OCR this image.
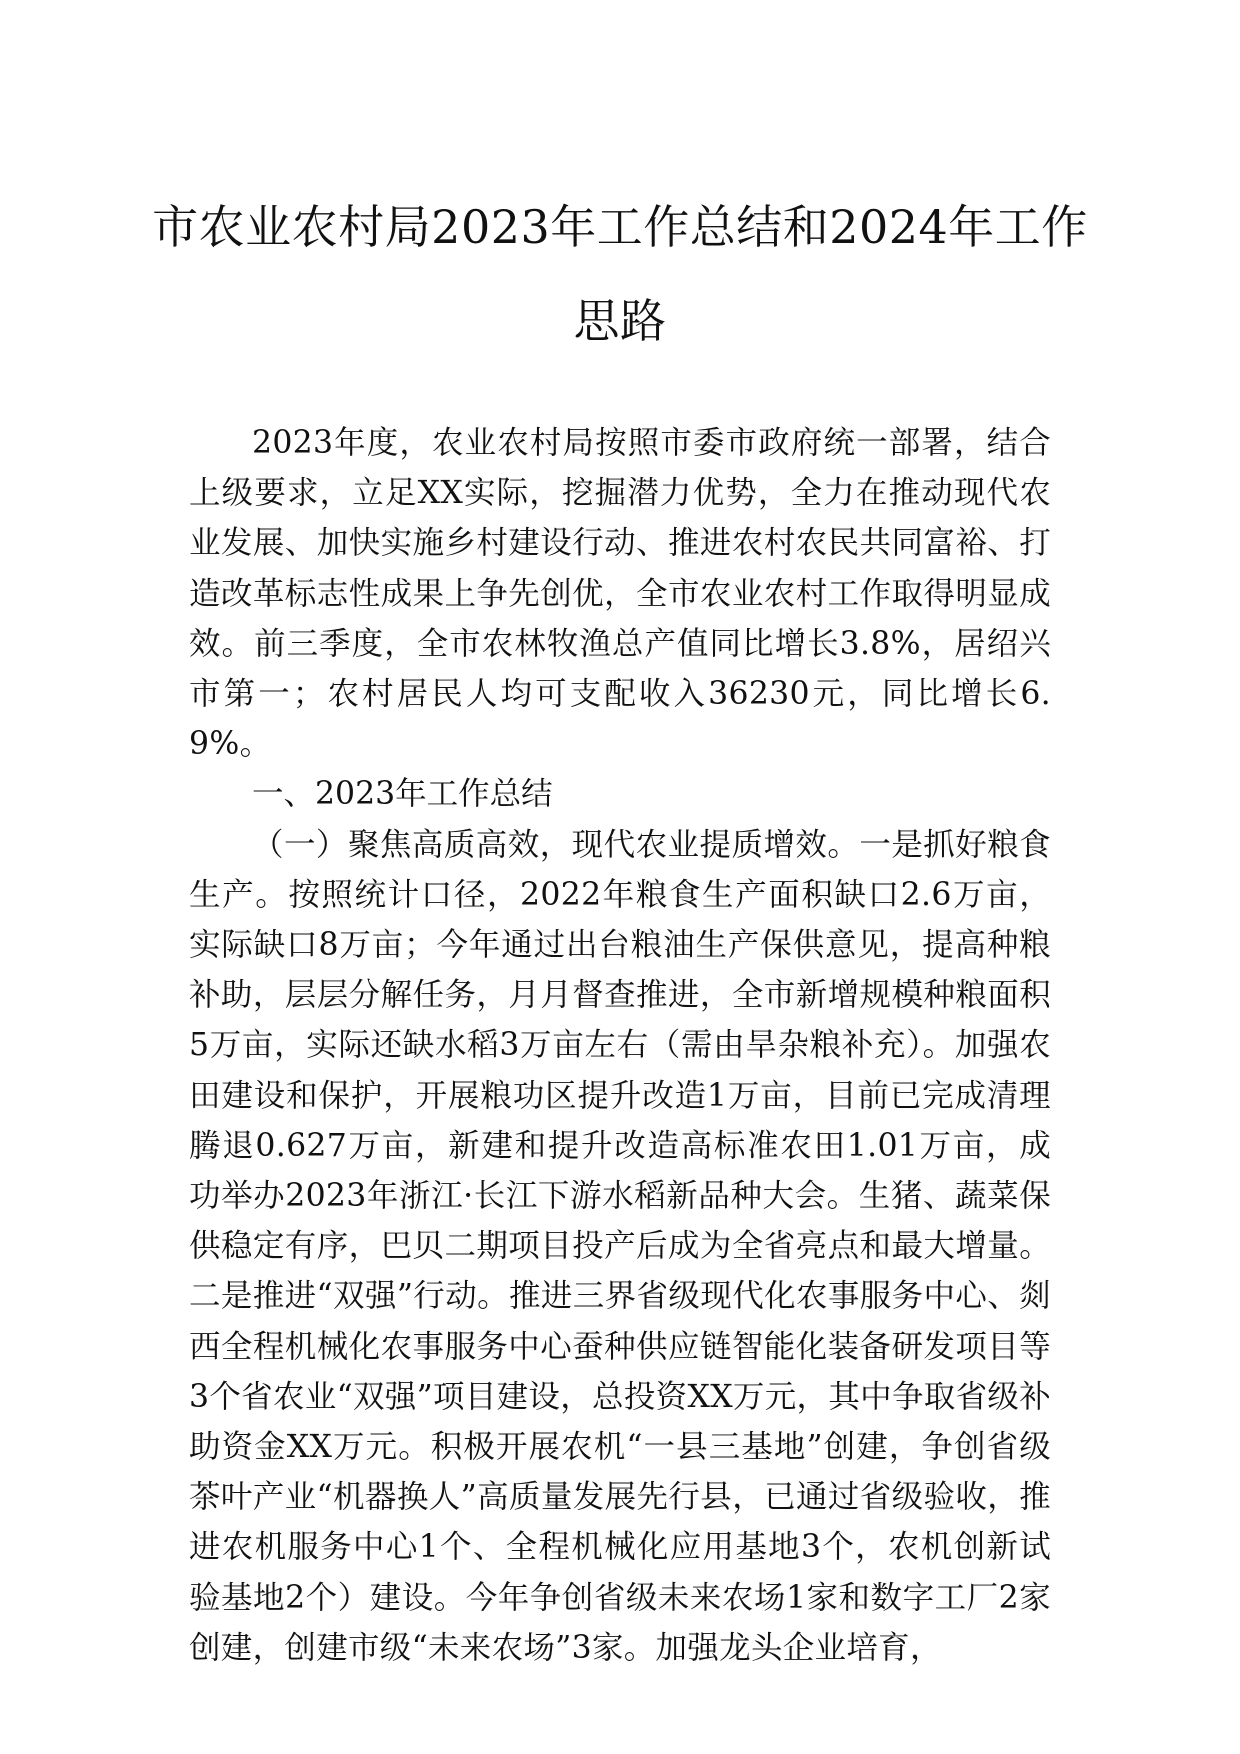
市农业农村局2023年工作总结和2024年工作思路

2023年度，农业农村局按照市委市政府统一部署，结合上级要求，立足XX实际，挖掘潜力优势，全力在推动现代农业发展、加快实施乡村建设行动、推进农村农民共同富裕、打造改革标志性成果上争先创优，全市农业农村工作取得明显成效。前三季度，全市农林牧渔总产值同比增长3.8%，居绍兴市第一；农村居民人均可支配收入36230元，同比增长6.9%。

一、2023年工作总结

（一）聚焦高质高效，现代农业提质增效。一是抓好粮食生产。按照统计口径，2022年粮食生产面积缺口2.6万亩，实际缺口8万亩；今年通过出台粮油生产保供意见，提高种粮补助，层层分解任务，月月督查推进，全市新增规模种粮面积5万亩，实际还缺水稻3万亩左右（需由旱杂粮补充）。加强农田建设和保护，开展粮功区提升改造1万亩，目前已完成清理腾退0.627万亩，新建和提升改造高标准农田1.01万亩，成功举办2023年浙江·长江下游水稻新品种大会。生猪、蔬菜保供稳定有序，巴贝二期项目投产后成为全省亮点和最大增量。二是推进“双强”行动。推进三界省级现代化农事服务中心、剡西全程机械化农事服务中心蚕种供应链智能化装备研发项目等3个省农业“双强”项目建设，总投资XX万元，其中争取省级补助资金XX万元。积极开展农机“一县三基地”创建，争创省级茶叶产业“机器换人”高质量发展先行县，已通过省级验收，推进农机服务中心1个、全程机械化应用基地3个，农机创新试验基地2个）建设。今年争创省级未来农场1家和数字工厂2家创建，创建市级“未来农场”3家。加强龙头企业培育，
